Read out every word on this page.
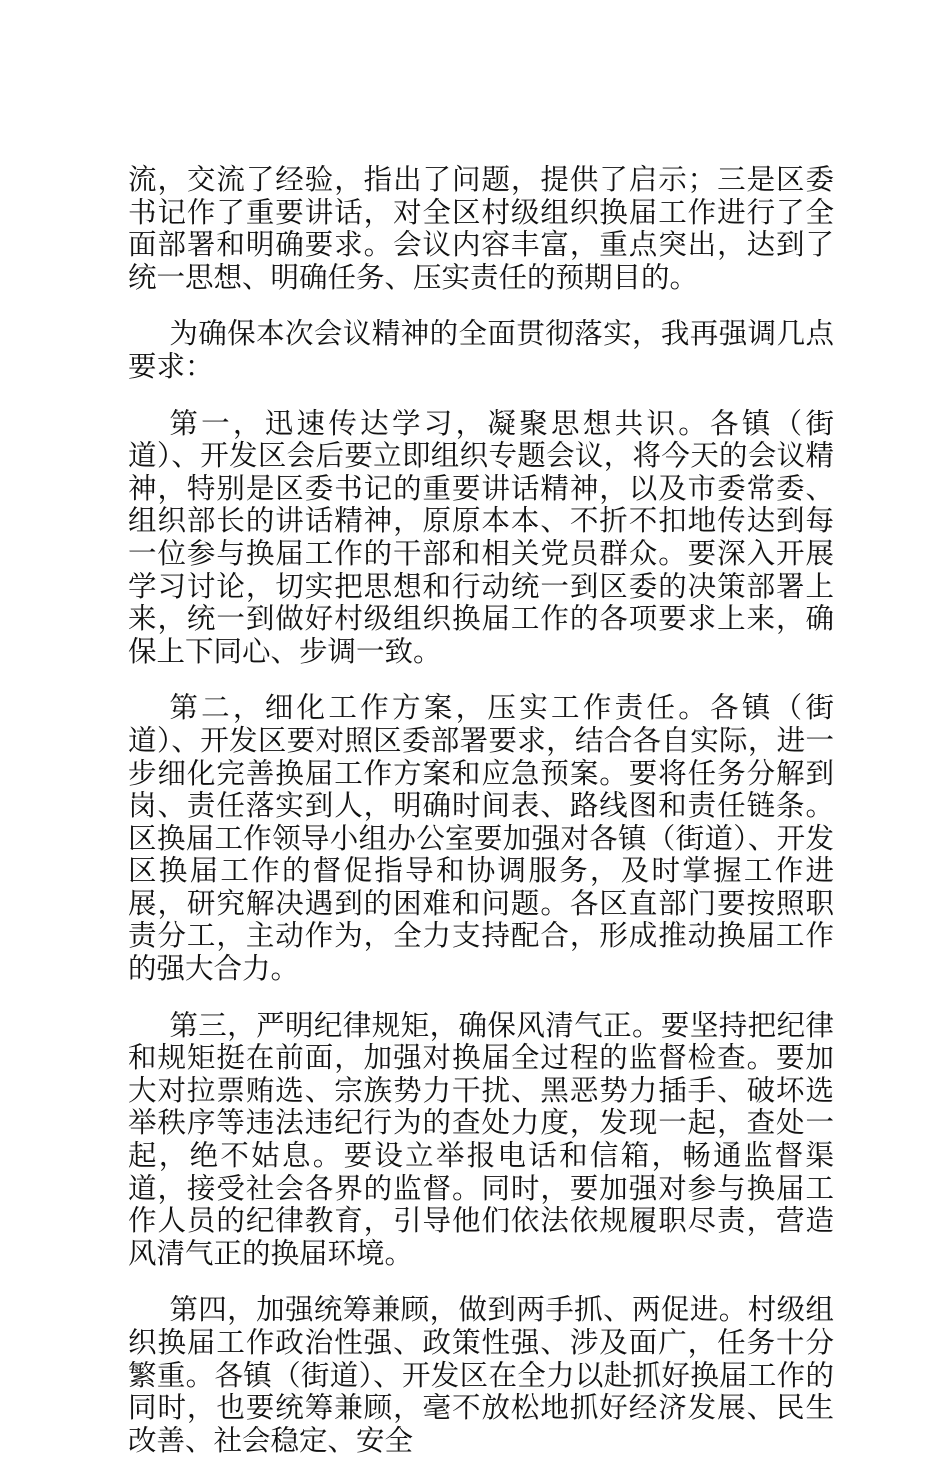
流，交流了经验，指出了问题，提供了启示；三是区委书记作了重要讲话，对全区村级组织换届工作进行了全面部署和明确要求。会议内容丰富，重点突出，达到了统一思想、明确任务、压实责任的预期目的。

为确保本次会议精神的全面贯彻落实，我再强调几点要求：

第一，迅速传达学习，凝聚思想共识。各镇（街道）、开发区会后要立即组织专题会议，将今天的会议精神，特别是区委书记的重要讲话精神，以及市委常委、组织部长的讲话精神，原原本本、不折不扣地传达到每一位参与换届工作的干部和相关党员群众。要深入开展学习讨论，切实把思想和行动统一到区委的决策部署上来，统一到做好村级组织换届工作的各项要求上来，确保上下同心、步调一致。

第二，细化工作方案，压实工作责任。各镇（街道）、开发区要对照区委部署要求，结合各自实际，进一步细化完善换届工作方案和应急预案。要将任务分解到岗、责任落实到人，明确时间表、路线图和责任链条。区换届工作领导小组办公室要加强对各镇（街道）、开发区换届工作的督促指导和协调服务，及时掌握工作进展，研究解决遇到的困难和问题。各区直部门要按照职责分工，主动作为，全力支持配合，形成推动换届工作的强大合力。

第三，严明纪律规矩，确保风清气正。要坚持把纪律和规矩挺在前面，加强对换届全过程的监督检查。要加大对拉票贿选、宗族势力干扰、黑恶势力插手、破坏选举秩序等违法违纪行为的查处力度，发现一起，查处一起，绝不姑息。要设立举报电话和信箱，畅通监督渠道，接受社会各界的监督。同时，要加强对参与换届工作人员的纪律教育，引导他们依法依规履职尽责，营造风清气正的换届环境。

第四，加强统筹兼顾，做到两手抓、两促进。村级组织换届工作政治性强、政策性强、涉及面广，任务十分繁重。各镇（街道）、开发区在全力以赴抓好换届工作的同时，也要统筹兼顾，毫不放松地抓好经济发展、民生改善、社会稳定、安全
